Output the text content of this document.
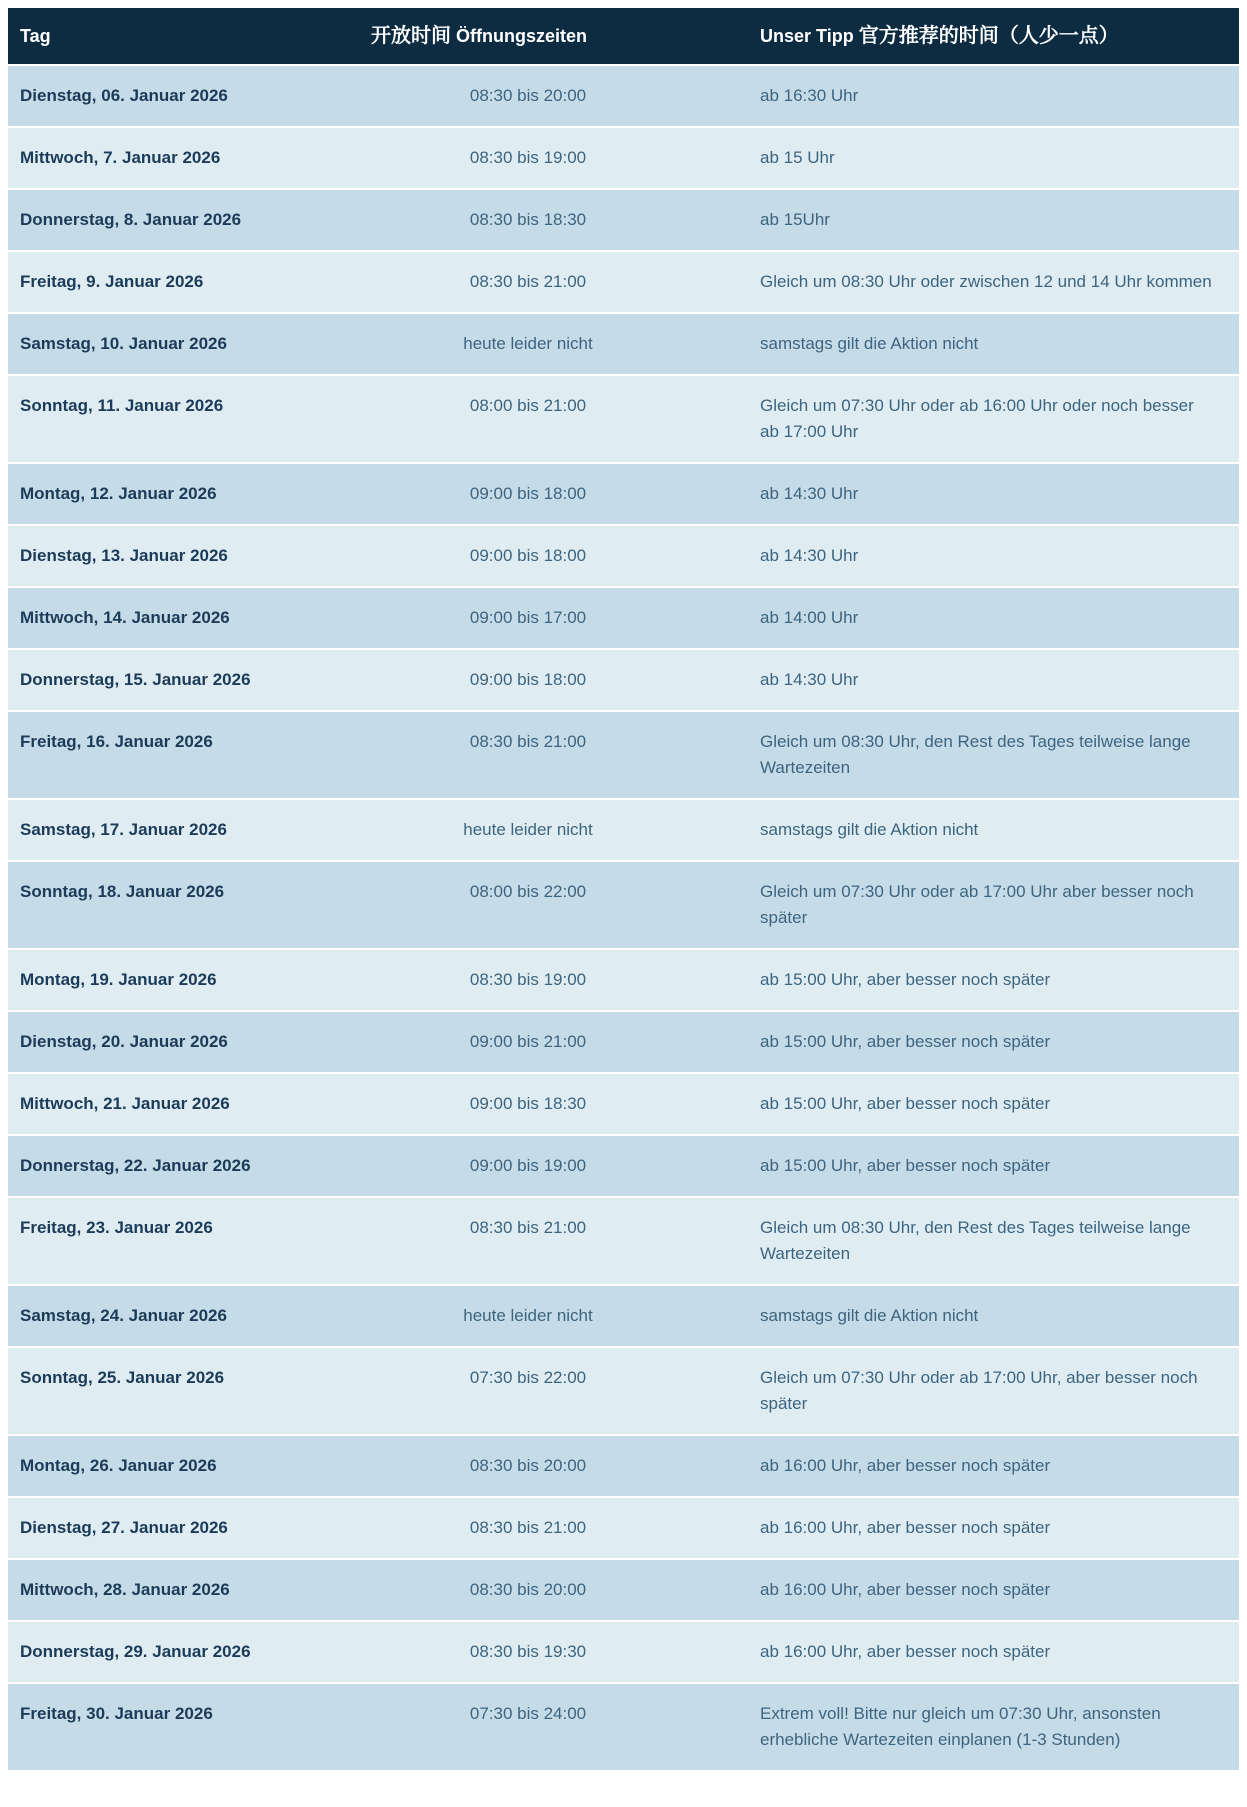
Tag	开放时间 Öffnungszeiten	Unser Tipp 官方推荐的时间（人少一点）
Dienstag, 06. Januar 2026	08:30 bis 20:00	ab 16:30 Uhr
Mittwoch, 7. Januar 2026	08:30 bis 19:00	ab 15 Uhr
Donnerstag, 8. Januar 2026	08:30 bis 18:30	ab 15Uhr
Freitag, 9. Januar 2026	08:30 bis 21:00	Gleich um 08:30 Uhr oder zwischen 12 und 14 Uhr kommen
Samstag, 10. Januar 2026	heute leider nicht	samstags gilt die Aktion nicht
Sonntag, 11. Januar 2026	08:00 bis 21:00	Gleich um 07:30 Uhr oder ab 16:00 Uhr oder noch besser ab 17:00 Uhr
Montag, 12. Januar 2026	09:00 bis 18:00	ab 14:30 Uhr
Dienstag, 13. Januar 2026	09:00 bis 18:00	ab 14:30 Uhr
Mittwoch, 14. Januar 2026	09:00 bis 17:00	ab 14:00 Uhr
Donnerstag, 15. Januar 2026	09:00 bis 18:00	ab 14:30 Uhr
Freitag, 16. Januar 2026	08:30 bis 21:00	Gleich um 08:30 Uhr, den Rest des Tages teilweise lange Wartezeiten
Samstag, 17. Januar 2026	heute leider nicht	samstags gilt die Aktion nicht
Sonntag, 18. Januar 2026	08:00 bis 22:00	Gleich um 07:30 Uhr oder ab 17:00 Uhr aber besser noch später
Montag, 19. Januar 2026	08:30 bis 19:00	ab 15:00 Uhr, aber besser noch später
Dienstag, 20. Januar 2026	09:00 bis 21:00	ab 15:00 Uhr, aber besser noch später
Mittwoch, 21. Januar 2026	09:00 bis 18:30	ab 15:00 Uhr, aber besser noch später
Donnerstag, 22. Januar 2026	09:00 bis 19:00	ab 15:00 Uhr, aber besser noch später
Freitag, 23. Januar 2026	08:30 bis 21:00	Gleich um 08:30 Uhr, den Rest des Tages teilweise lange Wartezeiten
Samstag, 24. Januar 2026	heute leider nicht	samstags gilt die Aktion nicht
Sonntag, 25. Januar 2026	07:30 bis 22:00	Gleich um 07:30 Uhr oder ab 17:00 Uhr, aber besser noch später
Montag, 26. Januar 2026	08:30 bis 20:00	ab 16:00 Uhr, aber besser noch später
Dienstag, 27. Januar 2026	08:30 bis 21:00	ab 16:00 Uhr, aber besser noch später
Mittwoch, 28. Januar 2026	08:30 bis 20:00	ab 16:00 Uhr, aber besser noch später
Donnerstag, 29. Januar 2026	08:30 bis 19:30	ab 16:00 Uhr, aber besser noch später
Freitag, 30. Januar 2026	07:30 bis 24:00	Extrem voll! Bitte nur gleich um 07:30 Uhr, ansonsten erhebliche Wartezeiten einplanen (1-3 Stunden)
